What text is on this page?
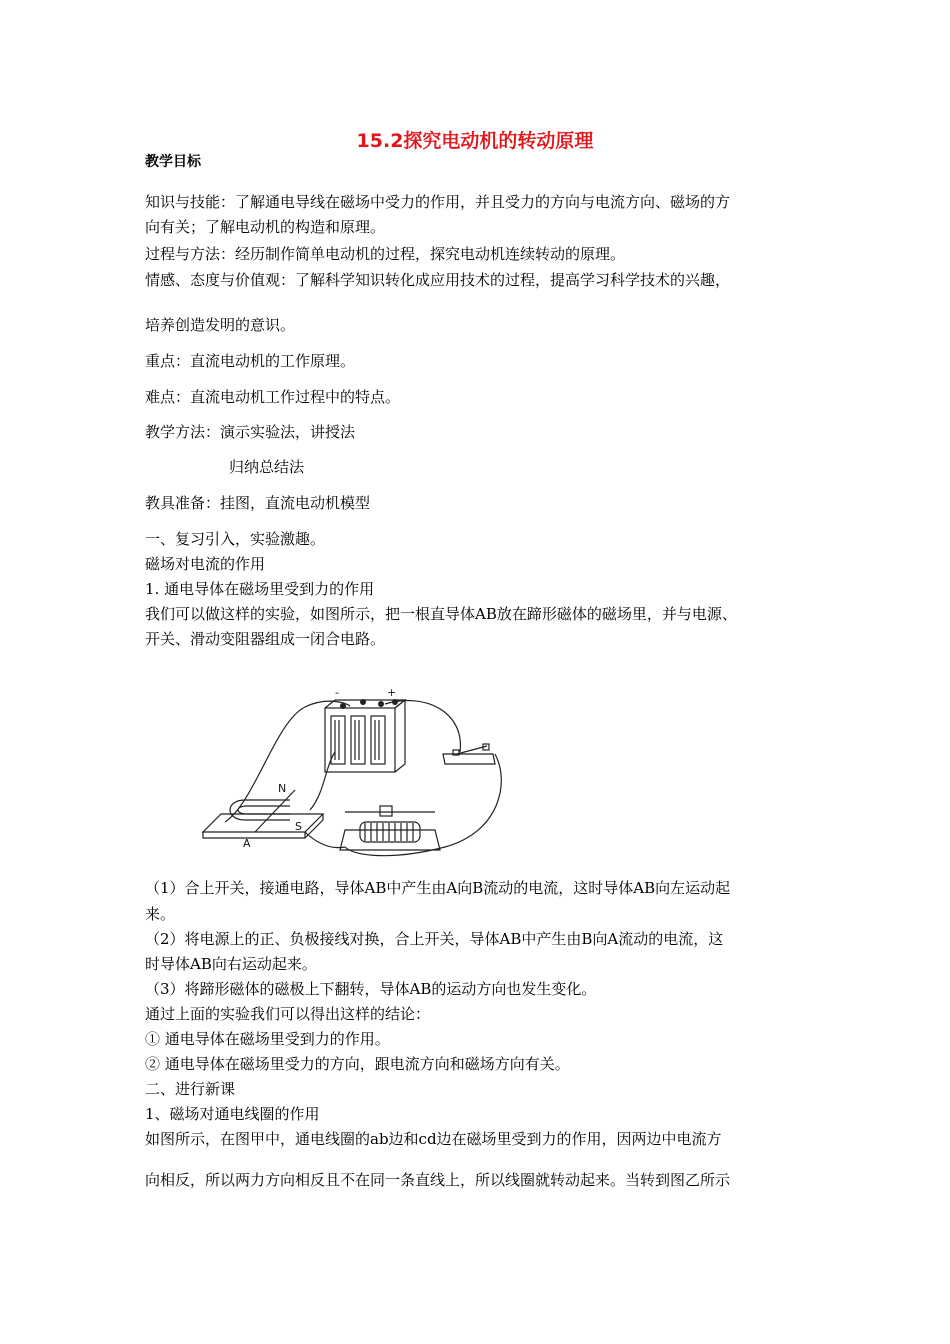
15.2探究电动机的转动原理
教学目标
知识与技能：了解通电导线在磁场中受力的作用，并且受力的方向与电流方向、磁场的方
向有关；了解电动机的构造和原理。
过程与方法：经历制作简单电动机的过程，探究电动机连续转动的原理。
情感、态度与价值观：了解科学知识转化成应用技术的过程，提高学习科学技术的兴趣，
培养创造发明的意识。
重点：直流电动机的工作原理。
难点：直流电动机工作过程中的特点。
教学方法：演示实验法，讲授法
归纳总结法
教具准备：挂图，直流电动机模型
一、复习引入，实验激趣。
磁场对电流的作用
1. 通电导体在磁场里受到力的作用
我们可以做这样的实验，如图所示，把一根直导体AB放在蹄形磁体的磁场里，并与电源、
开关、滑动变阻器组成一闭合电路。
N
S
A
-	+
（1）合上开关，接通电路，导体AB中产生由A向B流动的电流，这时导体AB向左运动起
来。
（2）将电源上的正、负极接线对换，合上开关，导体AB中产生由B向A流动的电流，这
时导体AB向右运动起来。
（3）将蹄形磁体的磁极上下翻转，导体AB的运动方向也发生变化。
通过上面的实验我们可以得出这样的结论：
① 通电导体在磁场里受到力的作用。
② 通电导体在磁场里受力的方向，跟电流方向和磁场方向有关。
二、进行新课
1、磁场对通电线圈的作用
如图所示，在图甲中，通电线圈的ab边和cd边在磁场里受到力的作用，因两边中电流方
向相反，所以两力方向相反且不在同一条直线上，所以线圈就转动起来。当转到图乙所示
